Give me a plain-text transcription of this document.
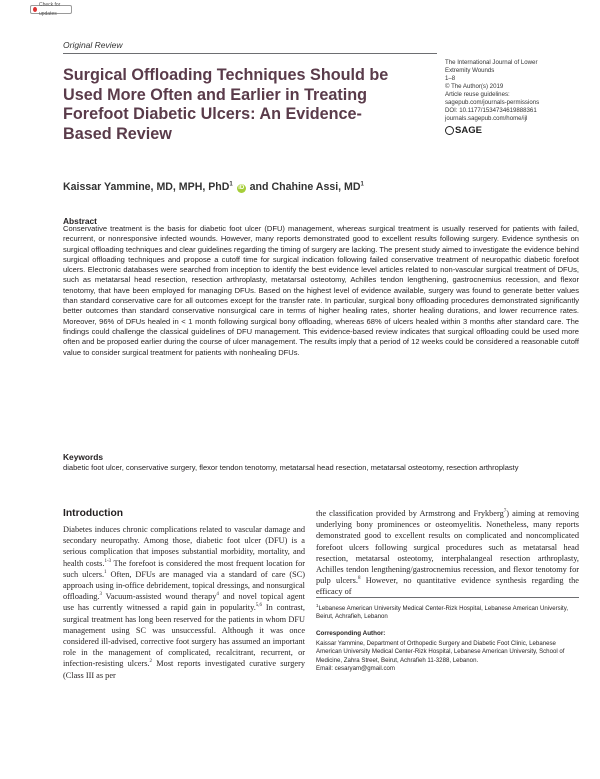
Check for updates
Original Review
Surgical Offloading Techniques Should be Used More Often and Earlier in Treating Forefoot Diabetic Ulcers: An Evidence-Based Review
The International Journal of Lower
Extremity Wounds
1–8
© The Author(s) 2019
Article reuse guidelines:
sagepub.com/journals-permissions
DOI: 10.1177/1534734619888361
journals.sagepub.com/home/ijl
SAGE
Kaissar Yammine, MD, MPH, PhD$^1$ iD and Chahine Assi, $MD^1$
Abstract

Conservative treatment is the basis for diabetic foot ulcer (DFU) management, whereas surgical treatment is usually reserved for patients with failed, recurrent, or nonresponsive infected wounds. However, many reports demonstrated good to excellent results following surgery. Evidence synthesis on surgical offloading techniques and clear guidelines regarding the timing of surgery are lacking. The present study aimed to investigate the evidence behind surgical offloading techniques and propose a cutoff time for surgical indication following failed conservative treatment of neuropathic diabetic forefoot ulcers. Electronic databases were searched from inception to identify the best evidence level articles related to non-vascular surgical treatment of DFUs, such as metatarsal head resection, resection arthroplasty, metatarsal osteotomy, Achilles tendon lengthening, gastrocnemius recession, and flexor tenotomy, that have been employed for managing DFUs. Based on the highest level of evidence available, surgery was found to generate better values than standard conservative care for all outcomes except for the transfer rate. In particular, surgical bony offloading procedures demonstrated significantly better outcomes than standard conservative nonsurgical care in terms of higher healing rates, shorter healing durations, and lower recurrence rates. Moreover, 96% of DFUs healed in < 1 month following surgical bony offloading, whereas 68% of ulcers healed within 3 months after standard care. The findings could challenge the classical guidelines of DFU management. This evidence-based review indicates that surgical offloading could be used more often and be proposed earlier during the course of ulcer management. The results imply that a period of 12 weeks could be considered a reasonable cutoff value to consider surgical treatment for patients with nonhealing DFUs.

Keywords

diabetic foot ulcer, conservative surgery, flexor tendon tenotomy, metatarsal head resection, metatarsal osteotomy, resection arthroplasty

Introduction

Diabetes induces chronic complications related to vascular damage and secondary neuropathy. Among those, diabetic foot ulcer (DFU) is a serious complication that imposes substantial morbidity, mortality, and health costs.$^{1-3}$ The forefoot is considered the most frequent location for such ulcers.$^1$ Often, DFUs are managed via a standard of care (SC) approach using in-office debridement, topical dressings, and nonsurgical offloading.$^3$ Vacuum-assisted wound therapy$^4$ and novel topical agent use has currently witnessed a rapid gain in popularity.$^{5,6}$ In contrast, surgical treatment has long been reserved for the patients in whom DFU management using SC was unsuccessful. Although it was once considered ill-advised, corrective foot surgery has assumed an important role in the management of complicated, recalcitrant, recurrent, or infection-resisting ulcers.$^2$ Most reports investigated curative surgery (Class III as per

the classification provided by Armstrong and Frykberg$^7$) aiming at removing underlying bony prominences or osteomyelitis. Nonetheless, many reports demonstrated good to excellent results on complicated and noncomplicated forefoot ulcers following surgical procedures such as metatarsal head resection, metatarsal osteotomy, interphalangeal resection arthroplasty, Achilles tendon lengthening/gastrocnemius recession, and flexor tenotomy for pulp ulcers.$^8$ However, no quantitative evidence synthesis regarding the efficacy of

$^1$Lebanese American University Medical Center-Rizk Hospital, Lebanese American University, Beirut, Achrafieh, Lebanon

Corresponding Author:
Kaissar Yammine, Department of Orthopedic Surgery and Diabetic Foot Clinic, Lebanese American University Medical Center-Rizk Hospital, Lebanese American University, School of Medicine, Zahra Street, Beirut, Achrafieh 11-3288, Lebanon.
Email: cesaryam@gmail.com
